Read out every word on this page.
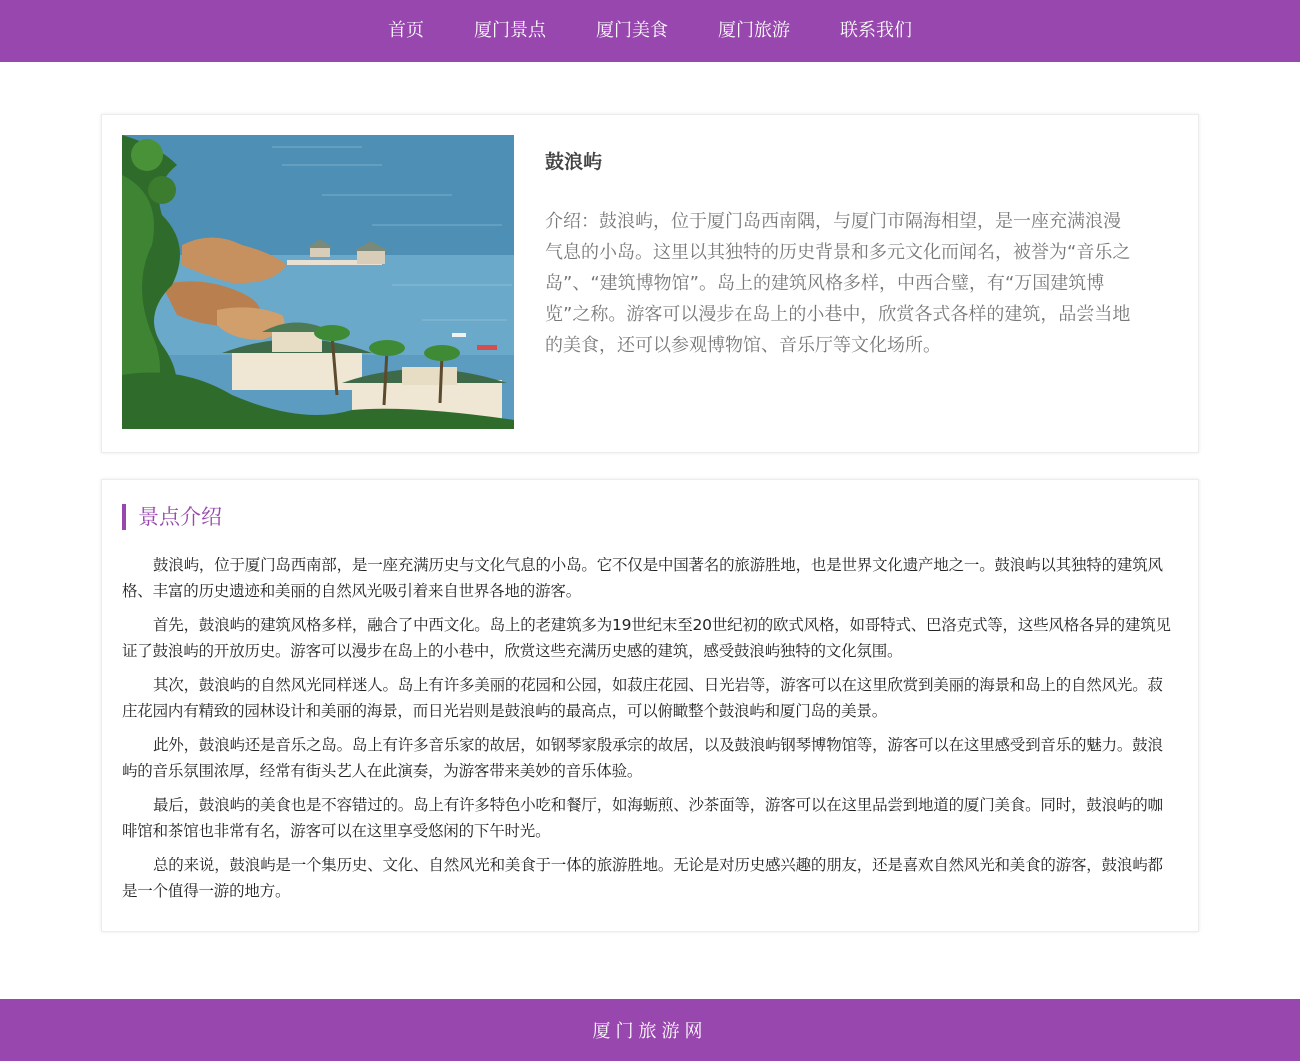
首页	厦门景点	厦门美食	厦门旅游	联系我们
鼓浪屿
介绍：鼓浪屿，位于厦门岛西南隅，与厦门市隔海相望，是一座充满浪漫气息的小岛。这里以其独特的历史背景和多元文化而闻名，被誉为“音乐之岛”、“建筑博物馆”。岛上的建筑风格多样，中西合璧，有“万国建筑博览”之称。游客可以漫步在岛上的小巷中，欣赏各式各样的建筑，品尝当地的美食，还可以参观博物馆、音乐厅等文化场所。
景点介绍

鼓浪屿，位于厦门岛西南部，是一座充满历史与文化气息的小岛。它不仅是中国著名的旅游胜地，也是世界文化遗产地之一。鼓浪屿以其独特的建筑风格、丰富的历史遗迹和美丽的自然风光吸引着来自世界各地的游客。

首先，鼓浪屿的建筑风格多样，融合了中西文化。岛上的老建筑多为19世纪末至20世纪初的欧式风格，如哥特式、巴洛克式等，这些风格各异的建筑见证了鼓浪屿的开放历史。游客可以漫步在岛上的小巷中，欣赏这些充满历史感的建筑，感受鼓浪屿独特的文化氛围。

其次，鼓浪屿的自然风光同样迷人。岛上有许多美丽的花园和公园，如菽庄花园、日光岩等，游客可以在这里欣赏到美丽的海景和岛上的自然风光。菽庄花园内有精致的园林设计和美丽的海景，而日光岩则是鼓浪屿的最高点，可以俯瞰整个鼓浪屿和厦门岛的美景。

此外，鼓浪屿还是音乐之岛。岛上有许多音乐家的故居，如钢琴家殷承宗的故居，以及鼓浪屿钢琴博物馆等，游客可以在这里感受到音乐的魅力。鼓浪屿的音乐氛围浓厚，经常有街头艺人在此演奏，为游客带来美妙的音乐体验。

最后，鼓浪屿的美食也是不容错过的。岛上有许多特色小吃和餐厅，如海蛎煎、沙茶面等，游客可以在这里品尝到地道的厦门美食。同时，鼓浪屿的咖啡馆和茶馆也非常有名，游客可以在这里享受悠闲的下午时光。

总的来说，鼓浪屿是一个集历史、文化、自然风光和美食于一体的旅游胜地。无论是对历史感兴趣的朋友，还是喜欢自然风光和美食的游客，鼓浪屿都是一个值得一游的地方。

厦门旅游网
